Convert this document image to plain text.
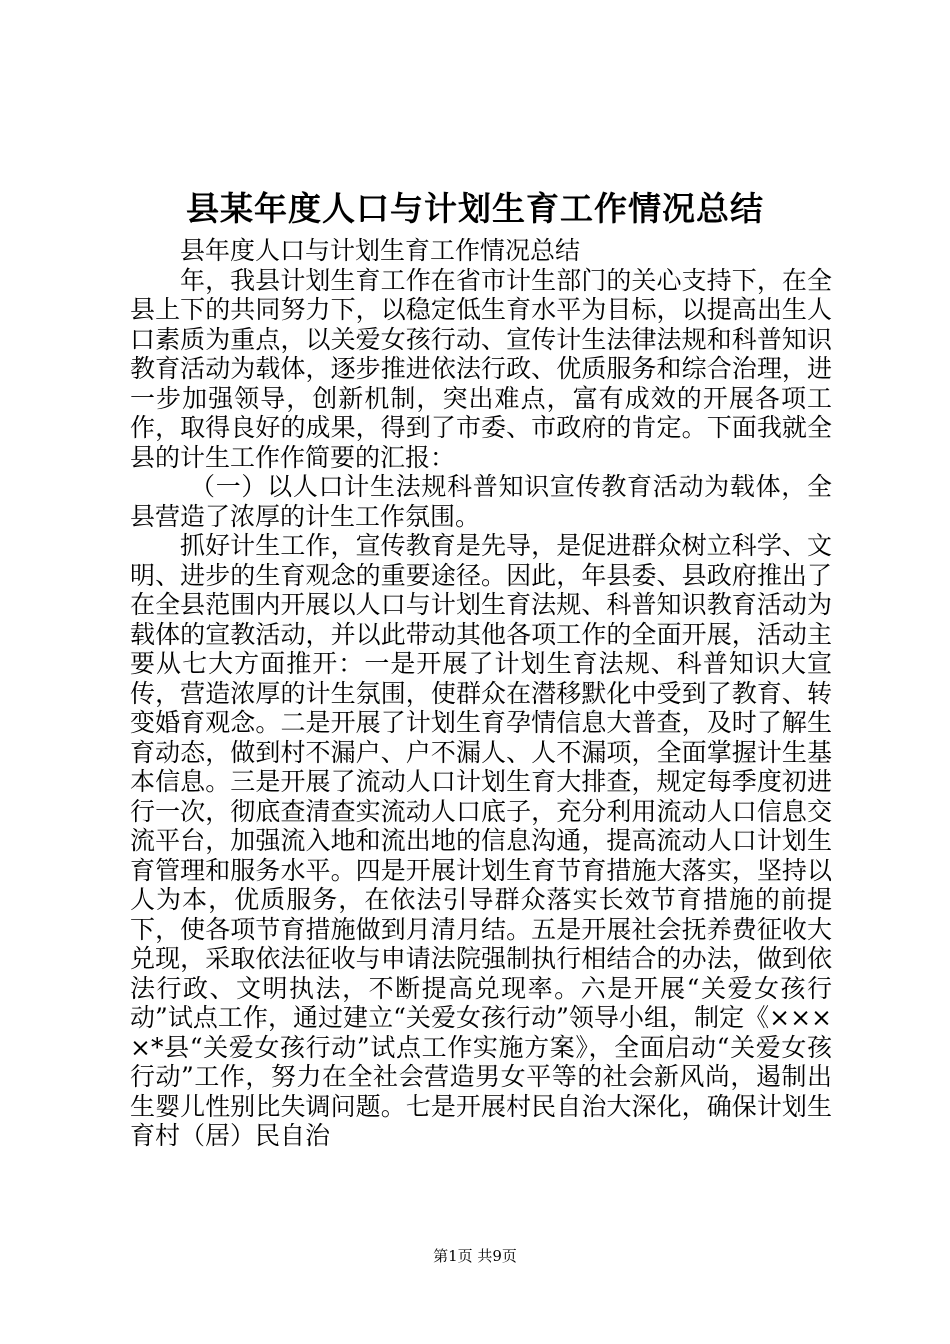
县某年度人口与计划生育工作情况总结

县年度人口与计划生育工作情况总结

年，我县计划生育工作在省市计生部门的关心支持下，在全县上下的共同努力下，以稳定低生育水平为目标，以提高出生人口素质为重点，以关爱女孩行动、宣传计生法律法规和科普知识教育活动为载体，逐步推进依法行政、优质服务和综合治理，进一步加强领导，创新机制，突出难点，富有成效的开展各项工作，取得良好的成果，得到了市委、市政府的肯定。下面我就全县的计生工作作简要的汇报：

（一）以人口计生法规科普知识宣传教育活动为载体，全县营造了浓厚的计生工作氛围。

抓好计生工作，宣传教育是先导，是促进群众树立科学、文明、进步的生育观念的重要途径。因此，年县委、县政府推出了在全县范围内开展以人口与计划生育法规、科普知识教育活动为载体的宣教活动，并以此带动其他各项工作的全面开展，活动主要从七大方面推开：一是开展了计划生育法规、科普知识大宣传，营造浓厚的计生氛围，使群众在潜移默化中受到了教育、转变婚育观念。二是开展了计划生育孕情信息大普查，及时了解生育动态，做到村不漏户、户不漏人、人不漏项，全面掌握计生基本信息。三是开展了流动人口计划生育大排查，规定每季度初进行一次，彻底查清查实流动人口底子，充分利用流动人口信息交流平台，加强流入地和流出地的信息沟通，提高流动人口计划生育管理和服务水平。四是开展计划生育节育措施大落实，坚持以人为本，优质服务，在依法引导群众落实长效节育措施的前提下，使各项节育措施做到月清月结。五是开展社会抚养费征收大兑现，采取依法征收与申请法院强制执行相结合的办法，做到依法行政、文明执法，不断提高兑现率。六是开展“关爱女孩行动”试点工作，通过建立“关爱女孩行动”领导小组，制定《××××*县“关爱女孩行动”试点工作实施方案》，全面启动“关爱女孩行动”工作，努力在全社会营造男女平等的社会新风尚，遏制出生婴儿性别比失调问题。七是开展村民自治大深化，确保计划生育村（居）民自治

第1页 共9页
